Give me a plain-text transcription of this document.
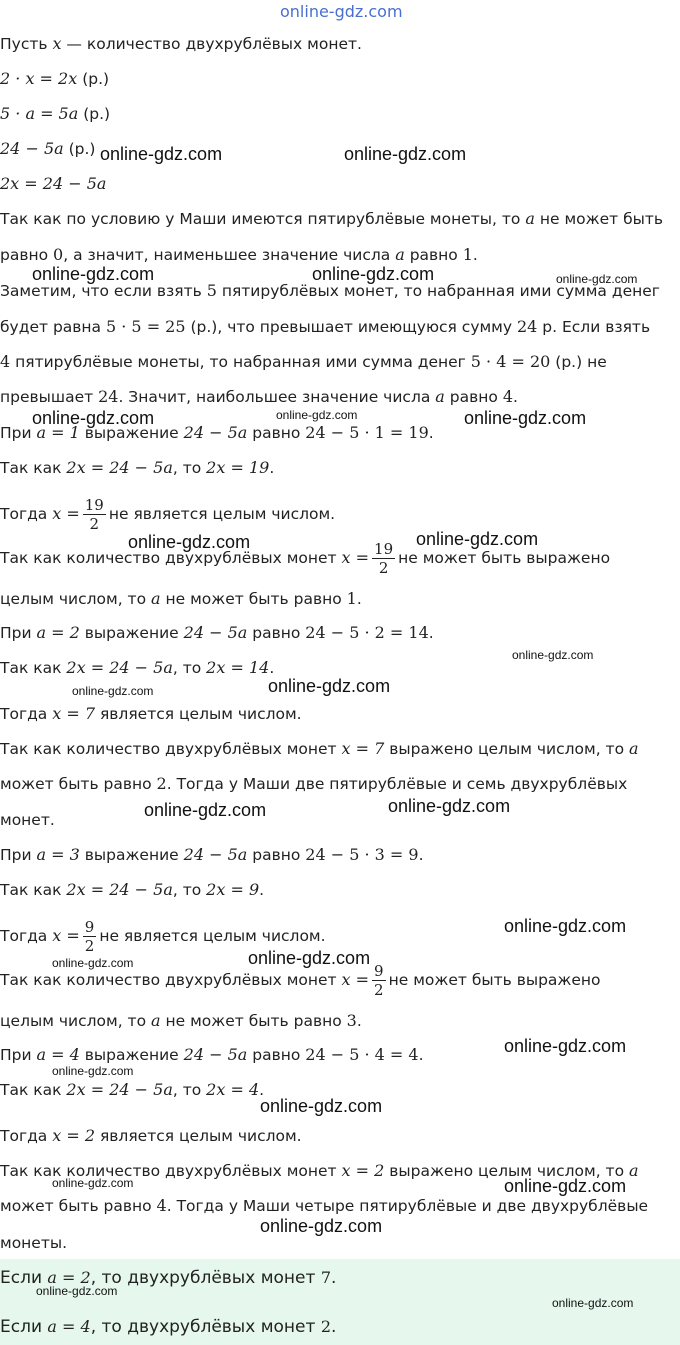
Пусть x — количество двухрублёвых монет.
2 · x = 2x (р.)
5 · a = 5a (р.)
24 − 5a (р.)
2x = 24 − 5a
Так как по условию у Маши имеются пятирублёвые монеты, то a не может быть
равно 0, а значит, наименьшее значение числа a равно 1.
Заметим, что если взять 5 пятирублёвых монет, то набранная ими сумма денег
будет равна 5 · 5 = 25 (р.), что превышает имеющуюся сумму 24 р. Если взять
4 пятирублёвые монеты, то набранная ими сумма денег 5 · 4 = 20 (р.) не
превышает 24. Значит, наибольшее значение числа a равно 4.
При a = 1 выражение 24 − 5a равно 24 − 5 · 1 = 19.
Так как 2x = 24 − 5a, то 2x = 19.
Тогда $x = \frac{19}{2}$ не является целым числом.
Так как количество двухрублёвых монет $x = \frac{19}{2}$ не может быть выражено
целым числом, то a не может быть равно 1.
При a = 2 выражение 24 − 5a равно 24 − 5 · 2 = 14.
Так как 2x = 24 − 5a, то 2x = 14.
Тогда x = 7 является целым числом.
Так как количество двухрублёвых монет x = 7 выражено целым числом, то a
может быть равно 2. Тогда у Маши две пятирублёвые и семь двухрублёвых
монет.
При a = 3 выражение 24 − 5a равно 24 − 5 · 3 = 9.
Так как 2x = 24 − 5a, то 2x = 9.
Тогда $x = \frac{9}{2}$ не является целым числом.
Так как количество двухрублёвых монет $x = \frac{9}{2}$ не может быть выражено
целым числом, то a не может быть равно 3.
При a = 4 выражение 24 − 5a равно 24 − 5 · 4 = 4.
Так как 2x = 24 − 5a, то 2x = 4.
Тогда x = 2 является целым числом.
Так как количество двухрублёвых монет x = 2 выражено целым числом, то a
может быть равно 4. Тогда у Маши четыре пятирублёвые и две двухрублёвые
монеты.
Если a = 2, то двухрублёвых монет 7.
Если a = 4, то двухрублёвых монет 2.
online-gdz.com
online-gdz.com	online-gdz.com
online-gdz.com	online-gdz.com	online-gdz.com
online-gdz.com	online-gdz.com	online-gdz.com
online-gdz.com	online-gdz.com
online-gdz.com
online-gdz.com	online-gdz.com
online-gdz.com	online-gdz.com
online-gdz.com
online-gdz.com	online-gdz.com
online-gdz.com
online-gdz.com
online-gdz.com
online-gdz.com	online-gdz.com
online-gdz.com
online-gdz.com
online-gdz.com
